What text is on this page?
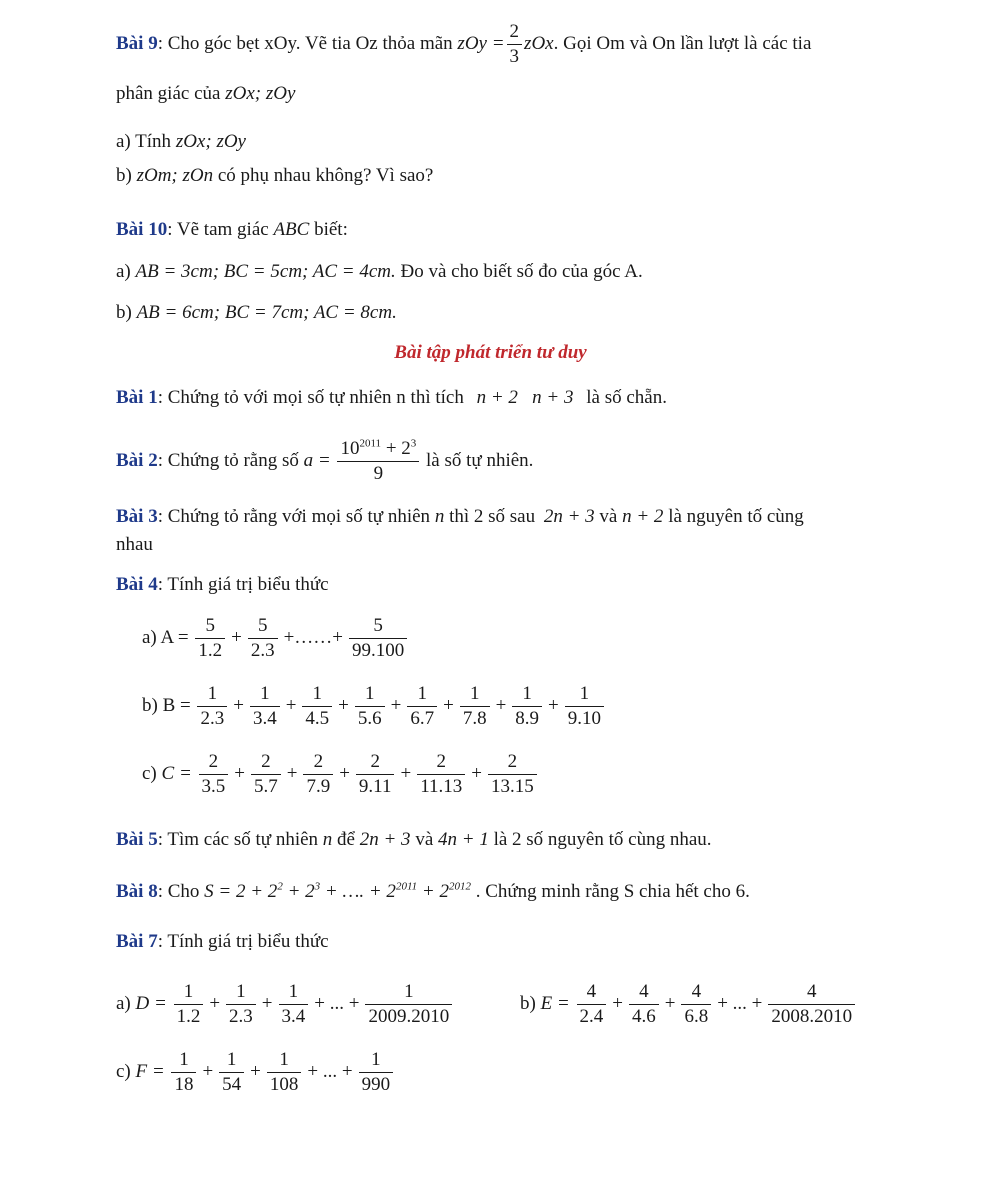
Bài 9: Cho góc bẹt xOy. Vẽ tia Oz thỏa mãn zOy = $\frac{2}{3}$ zOx. Gọi Om và On lần lượt là các tia
phân giác của zOx; zOy
a) Tính zOx; zOy
b) zOm; zOn có phụ nhau không? Vì sao?
Bài 10: Vẽ tam giác ABC biết:
a) AB = 3cm; BC = 5cm; AC = 4cm. Đo và cho biết số đo của góc A.
b) AB = 6cm; BC = 7cm; AC = 8cm.
Bài tập phát triển tư duy
Bài 1: Chứng tỏ với mọi số tự nhiên n thì tích n + 2   n + 3 là số chẵn.
Bài 2: Chứng tỏ rằng số $a = \frac{10^{2011} + 2^3}{9}$ là số tự nhiên.
Bài 3: Chứng tỏ rằng với mọi số tự nhiên n thì 2 số sau 2n + 3 và n + 2 là nguyên tố cùng
nhau
Bài 4: Tính giá trị biểu thức
a) $A = \frac{5}{1.2} + \frac{5}{2.3}$ +……+ $\frac{5}{99.100}$
b) $B = \frac{1}{2.3} + \frac{1}{3.4} + \frac{1}{4.5} + \frac{1}{5.6} + \frac{1}{6.7} + \frac{1}{7.8} + \frac{1}{8.9} + \frac{1}{9.10}$
c) $C = \frac{2}{3.5} + \frac{2}{5.7} + \frac{2}{7.9} + \frac{2}{9.11} + \frac{2}{11.13} + \frac{2}{13.15}$
Bài 5: Tìm các số tự nhiên n để 2n + 3 và 4n + 1 là 2 số nguyên tố cùng nhau.
Bài 8: Cho $S = 2 + 2^2 + 2^3$ + …. + $2^{2011} + 2^{2012}$ . Chứng minh rằng S chia hết cho 6.
Bài 7: Tính giá trị biểu thức
a) $D = \frac{1}{1.2} + \frac{1}{2.3} + \frac{1}{3.4}$ + ... + $\frac{1}{2009.2010}$	b) $E = \frac{4}{2.4} + \frac{4}{4.6} + \frac{4}{6.8}$ + ... + $\frac{4}{2008.2010}$
c) $F = \frac{1}{18} + \frac{1}{54} + \frac{1}{108}$ + ... + $\frac{1}{990}$
